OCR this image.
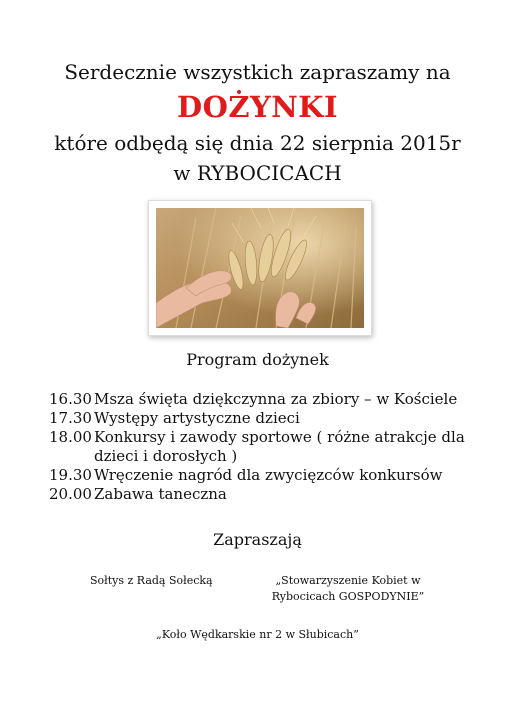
Serdecznie wszystkich zapraszamy na
DOŻYNKI
które odbędą się dnia 22 sierpnia 2015r
w RYBOCICACH
Program dożynek
16.30 Msza święta dziękczynna za zbiory – w Kościele
17.30 Występy artystyczne dzieci
18.00 Konkursy i zawody sportowe ( różne atrakcje dla dzieci i dorosłych )
19.30 Wręczenie nagród dla zwycięzców konkursów
20.00 Zabawa taneczna
Zapraszają
Sołtys z Radą Sołecką	„Stowarzyszenie Kobiet w
Rybocicach GOSPODYNIE”
„Koło Wędkarskie nr 2 w Słubicach”
